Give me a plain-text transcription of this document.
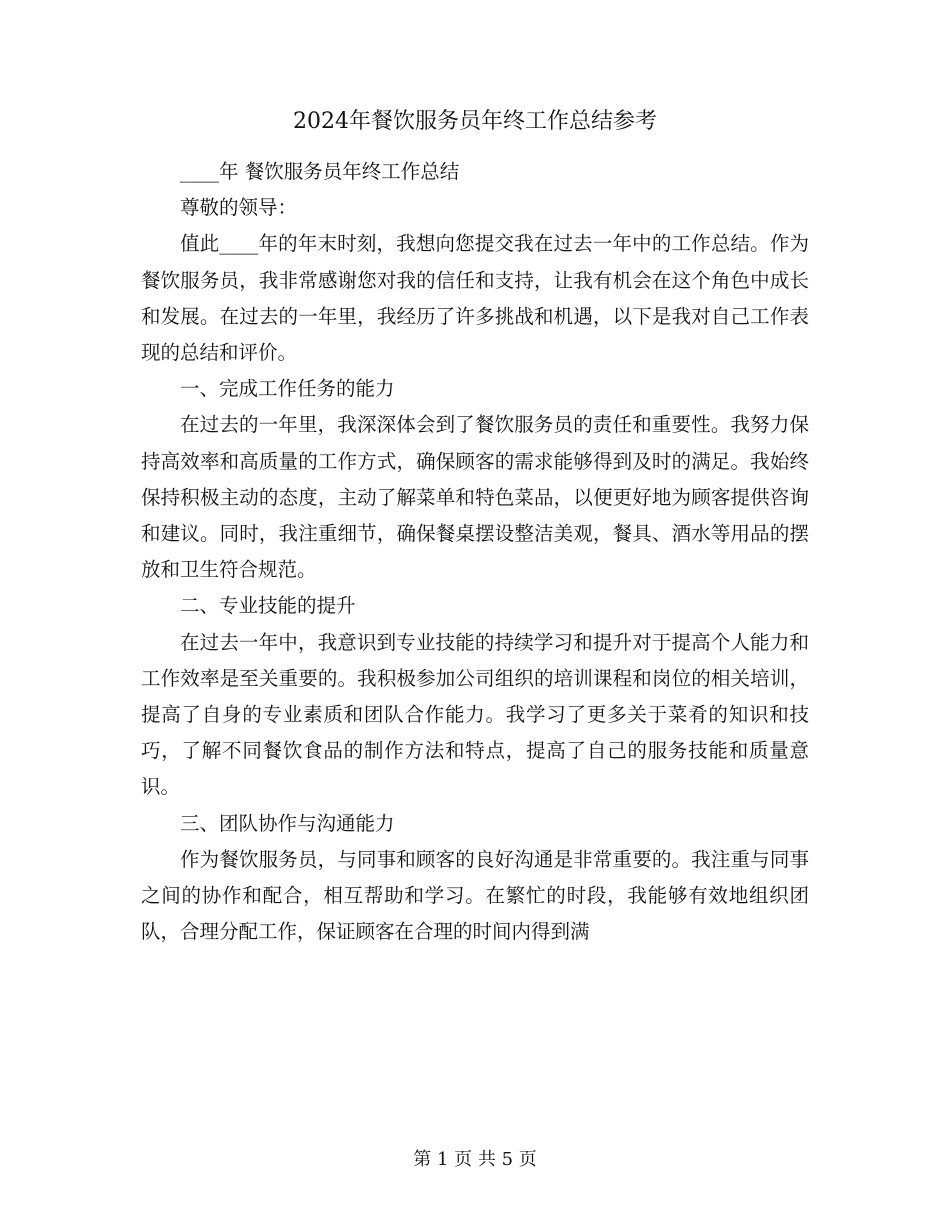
2024年餐饮服务员年终工作总结参考

____年 餐饮服务员年终工作总结

尊敬的领导：

值此____年的年末时刻，我想向您提交我在过去一年中的工作总结。作为餐饮服务员，我非常感谢您对我的信任和支持，让我有机会在这个角色中成长和发展。在过去的一年里，我经历了许多挑战和机遇，以下是我对自己工作表现的总结和评价。

一、完成工作任务的能力

在过去的一年里，我深深体会到了餐饮服务员的责任和重要性。我努力保持高效率和高质量的工作方式，确保顾客的需求能够得到及时的满足。我始终保持积极主动的态度，主动了解菜单和特色菜品，以便更好地为顾客提供咨询和建议。同时，我注重细节，确保餐桌摆设整洁美观，餐具、酒水等用品的摆放和卫生符合规范。

二、专业技能的提升

在过去一年中，我意识到专业技能的持续学习和提升对于提高个人能力和工作效率是至关重要的。我积极参加公司组织的培训课程和岗位的相关培训，提高了自身的专业素质和团队合作能力。我学习了更多关于菜肴的知识和技巧，了解不同餐饮食品的制作方法和特点，提高了自己的服务技能和质量意识。

三、团队协作与沟通能力

作为餐饮服务员，与同事和顾客的良好沟通是非常重要的。我注重与同事之间的协作和配合，相互帮助和学习。在繁忙的时段，我能够有效地组织团队，合理分配工作，保证顾客在合理的时间内得到满

第 1 页 共 5 页
